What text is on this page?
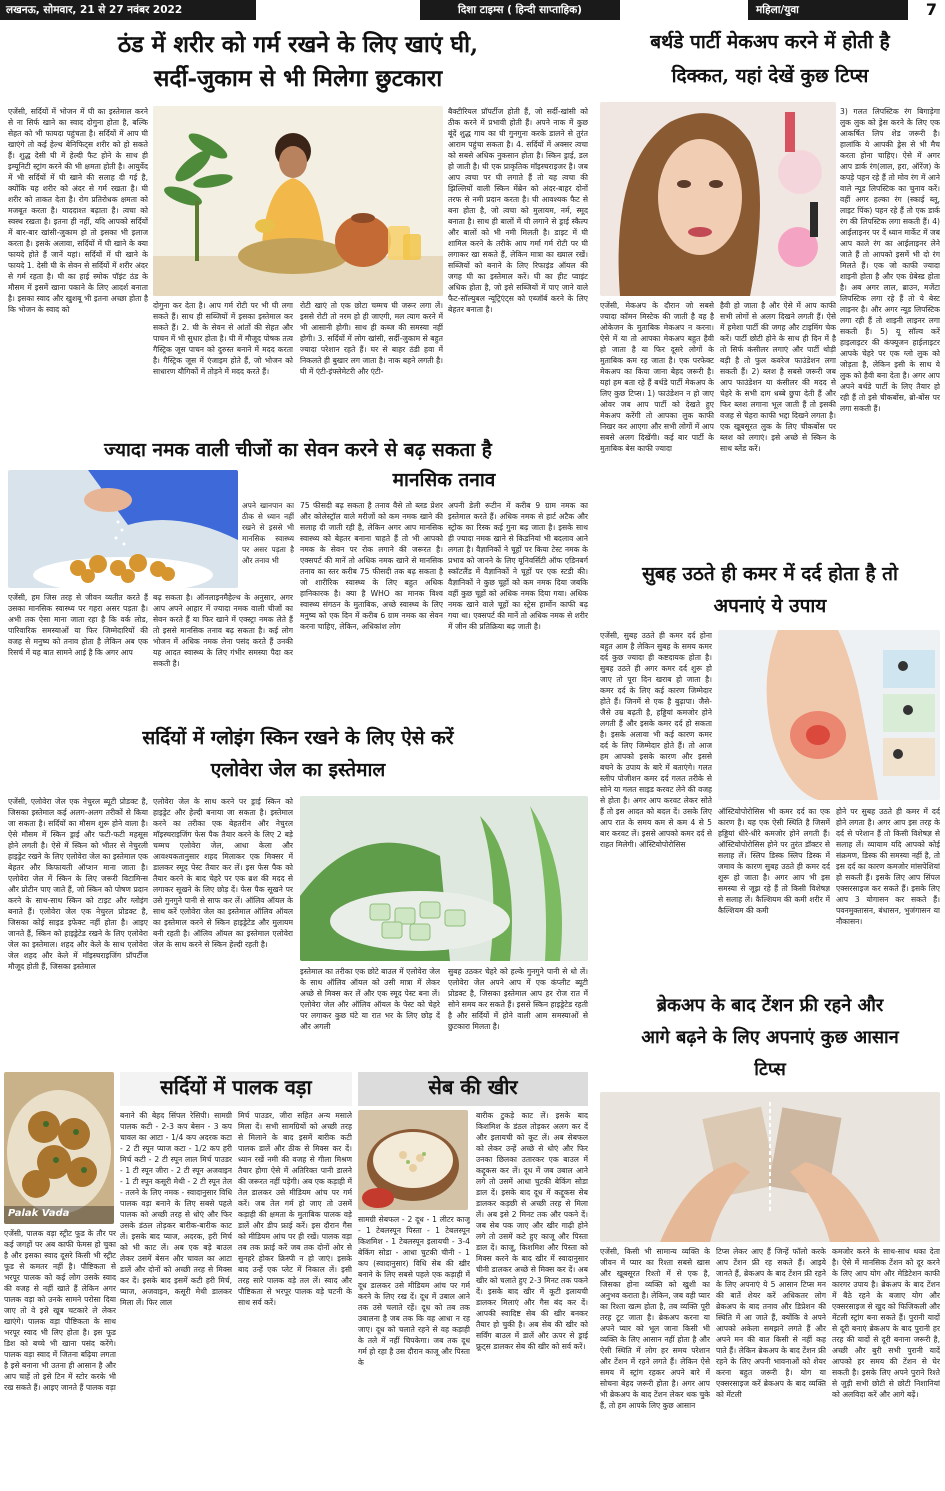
लखनऊ, सोमवार, 21 से 27 नवंबर 2022	दिशा टाइम्स ( हिन्दी साप्ताहिक)	महिला/युवा	7
ठंड में शरीर को गर्म रखने के लिए खाएं घी,
सर्दी-जुकाम से भी मिलेगा छुटकारा
एजेंसी, सर्दियों में भोजन में घी का इस्तेमाल करने से ना सिर्फ खाने का स्वाद दोगुना होता है, बल्कि सेहत को भी फायदा पहुंचता है। सर्दियों में आप घी खाएंगे तो कई हेल्थ बेनिफिट्स शरीर को हो सकते हैं। शुद्ध देसी घी में हेल्दी फैट होने के साथ ही इम्यूनिटी स्ट्रांग करने की भी क्षमता होती है। आयुर्वेद में भी सर्दियों में घी खाने की सलाह दी गई है, क्योंकि यह शरीर को अंदर से गर्म रखता है। घी शरीर को ताकत देता है। रोग प्रतिरोधक क्षमता को मजबूत करता है। याददाश्त बढ़ाता है। त्वचा को स्वस्थ रखता है। इतना ही नहीं, यदि आपको सर्दियों में बार-बार खांसी-जुकाम हो तो इसका भी इलाज करता है। इसके अलावा, सर्दियों में घी खाने के क्या फायदे होते हैं जानें यहां। सर्दियों में घी खाने के फायदे 1. देसी घी के सेवन से सर्दियों में शरीर अंदर से गर्म रहता है। घी का हाई स्मोक पॉइंट ठंड के मौसम में इसमें खाना पकाने के लिए आदर्श बनाता है। इसका स्वाद और खुशबू भी इतना अच्छा होता है कि भोजन के स्वाद को	दोगुना कर देता है। आप गर्म रोटी पर भी घी लगा सकते हैं। साथ ही सब्जियों में इसका इस्तेमाल कर सकते हैं। 2. घी के सेवन से आंतों की सेहत और पाचन में भी सुधार होता है। घी में मौजूद पोषक तत्व गैस्ट्रिक जूस पाचन को दुरुस्त बनाने में मदद करता है। गैस्ट्रिक जूस में एंजाइम होते हैं, जो भोजन को साधारण यौगिकों में तोड़ने में मदद करते हैं।
रोटी खाएं तो एक छोटा चम्मच घी जरूर लगा लें। इससे रोटी तो नरम हो ही जाएगी, मल त्याग करने में भी आसानी होगी। साथ ही कब्ज की समस्या नहीं होगी। 3. सर्दियों में लोग खांसी, सर्दी-जुकाम से बहुत ज्यादा परेशान रहते हैं। घर से बाहर ठंडी हवा में निकलते ही बुखार लग जाता है। नाक बहने लगती है। घी में एंटी-इंफ्लेमेटरी और एंटी-
बैक्टीरियल प्रॉपर्टीज होती हैं, जो सर्दी-खांसी को ठीक करने में प्रभावी होती हैं। अपने नाक में कुछ बूंदें शुद्ध गाय का घी गुनगुना करके डालने से तुरंत आराम पहुंचा सकता है। 4. सर्दियों में अक्सर त्वचा को सबसे अधिक नुकसान होता है। स्किन ड्राई, डल हो जाती है। घी एक प्राकृतिक मॉइस्चराइजर है। जब आप त्वचा पर घी लगाते हैं तो यह त्वचा की झिल्लियों वाली स्किन मेंब्रेन को अंदर-बाहर दोनों तरफ से नमी प्रदान करता है। घी आवश्यक फैट से बना होता है, जो त्वचा को मुलायम, नर्म, स्मूद बनाता है। साथ ही बालों में घी लगाने से ड्राई स्कैल्प और बालों को भी नमी मिलती है। डाइट में घी शामिल करने के तरीके आप गर्मा गर्म रोटी पर घी लगाकर खा सकते हैं, लेकिन मात्रा का ख्याल रखें। सब्जियों को बनाने के लिए रिफाइंड ऑयल की जगह घी का इस्तेमाल करें। घी का हीट प्वाइंट अधिक होता है, जो इसे सब्जियों में पाए जाने वाले फैट-सॉल्युबल न्यूट्रिएंट्स को एब्जॉर्ब करने के लिए बेहतर बनाता है।
ज्यादा नमक वाली चीजों का सेवन करने से बढ़ सकता है
मानसिक तनाव
अपने खानपान का ठीक से ध्यान नहीं रखने से इससे भी मानसिक स्वास्थ्य पर असर पड़ता है और तनाव भी
एजेंसी, हम जिस तरह से जीवन व्यतीत करते हैं उसका मानसिक स्वास्थ्य पर गहरा असर पड़ता है। अभी तक ऐसा माना जाता रहा है कि वर्क लोड, पारिवारिक समस्याओं या फिर जिम्मेदारियों की वजह से मनुष्य को तनाव होता है लेकिन अब एक रिसर्च में यह बात सामने आई है कि अगर आप
बढ़ सकता है। ऑनलाइनमैहेल्थ के अनुसार, अगर आप अपने आहार में ज्यादा नमक वाली चीजों का सेवन करते हैं या फिर खाने में एक्स्ट्रा नमक लेते हैं तो इससे मानसिक तनाव बढ़ सकता है। कई लोग भोजन में अधिक नमक लेना पसंद करते हैं उनकी यह आदत स्वास्थ्य के लिए गंभीर समस्या पैदा कर सकती है।
75 फीसदी बढ़ सकता है तनाव वैसे तो ब्लड प्रेशर और कोलेस्ट्रॉल वाले मरीजों को कम नमक खाने की सलाह दी जाती रही है, लेकिन अगर आप मानसिक स्वास्थ्य को बेहतर बनाना चाहते हैं तो भी आपको नमक के सेवन पर रोक लगाने की जरूरत है। एक्सपर्ट की मानें तो अधिक नमक खाने से मानसिक तनाव का स्तर करीब 75 फीसदी तक बढ़ सकता है जो शारीरिक स्वास्थ्य के लिए बहुत अधिक हानिकारक है। क्या है WHO का मानक विश्व स्वास्थ्य संगठन के मुताबिक, अच्छे स्वास्थ्य के लिए मनुष्य को एक दिन में करीब 6 ग्राम नमक का सेवन करना चाहिए, लेकिन, अधिकांश लोग
अपनी डेली रूटीन में करीब 9 ग्राम नमक का इस्तेमाल करते हैं। अधिक नमक से हार्ट अटैक और स्ट्रोक का रिस्क कई गुना बढ़ जाता है। इसके साथ ही ज्यादा नमक खाने से किडनियां भी बदलाव आने लगता है। वैज्ञानिकों ने चूहों पर किया टेस्ट नमक के प्रभाव को जानने के लिए यूनिवर्सिटी ऑफ एडिनबर्ग स्कॉटलैंड में वैज्ञानिकों ने चूहों पर एक स्टडी की। वैज्ञानिकों ने कुछ चूहों को कम नमक दिया जबकि वहीं कुछ चूहों को अधिक नमक दिया गया। अधिक नमक खाने वाले चूहों का स्ट्रेस हार्मोन काफी बढ़ गया था। एक्सपर्ट की मानें तो अधिक नमक से शरीर में जीन की प्रतिक्रिया बढ़ जाती है।
सर्दियों में ग्लोइंग स्किन रखने के लिए ऐसे करें
एलोवेरा जेल का इस्तेमाल
एजेंसी, एलोवेरा जेल एक नेचुरल ब्यूटी प्रोडक्ट है, जिसका इस्तेमाल कई अलग-अलग तरीकों से किया जा सकता है। सर्दियों का मौसम शुरू होने वाला है। ऐसे मौसम में स्किन ड्राई और फटी-फटी महसूस होने लगती है। ऐसे में स्किन को भीतर से नेचुरली हाइड्रेट रखने के लिए एलोवेरा जेल का इस्तेमाल एक बेहतर और किफायती ऑप्शन माना जाता है। एलोवेरा जेल में स्किन के लिए जरूरी विटामिन्स और प्रोटीन पाए जाते हैं, जो स्किन को पोषण प्रदान करने के साथ-साथ स्किन को टाइट और ग्लोइंग बनाते हैं। एलोवेरा जेल एक नेचुरल प्रोडक्ट है, जिसका कोई साइड इफेक्ट नहीं होता है। आइए जानते हैं, स्किन को हाइड्रेटेड रखने के लिए एलोवेरा जेल का इस्तेमाल। शहद और केले के साथ एलोवेरा जेल शहद और केले में मॉइस्चराइजिंग प्रॉपर्टीज मौजूद होती हैं, जिसका इस्तेमाल
एलोवेरा जेल के साथ करने पर ड्राई स्किन को हाइड्रेट और हेल्दी बनाया जा सकता है। इस्तेमाल करने का तरीका एक बेहतरीन और नेचुरल मॉइस्चराइजिंग फेस पैक तैयार करने के लिए 2 बड़े चम्मच एलोवेरा जेल, आधा केला और आवश्यकतानुसार शहद मिलाकर एक मिक्सर में डालकर स्मूद पेस्ट तैयार कर लें। इस फेस पैक को तैयार करने के बाद चेहरे पर एक ब्रश की मदद से लगाकर सूखने के लिए छोड़ दें। फेस पैक सूखने पर उसे गुनगुने पानी से साफ कर लें। ऑलिव ऑयल के साथ करें एलोवेरा जेल का इस्तेमाल ऑलिव ऑयल का इस्तेमाल करने से स्किन हाइड्रेटेड और मुलायम बनी रहती है। ऑलिव ऑयल का इस्तेमाल एलोवेरा जेल के साथ करने से स्किन हेल्दी रहती है।
इस्तेमाल का तरीका एक छोटे बाउल में एलोवेरा जेल के साथ ऑलिव ऑयल को उसी मात्रा में लेकर अच्छे से मिक्स कर लें और एक स्मूद पेस्ट बना लें। एलोवेरा जेल और ऑलिव ऑयल के पेस्ट को चेहरे पर लगाकर कुछ घंटे या रात भर के लिए छोड़ दें और अगली
सुबह उठकर चेहरे को हल्के गुनगुने पानी से धो लें। एलोवेरा जेल अपने आप में एक कंप्लीट ब्यूटी प्रोडक्ट है, जिसका इस्तेमाल आप हर रोज रात में सोने समय कर सकते हैं। इससे स्किन हाइड्रेटेड रहती है और सर्दियों में होने वाली आम समस्याओं से छुटकारा मिलता है।
Palak Vada
सर्दियों में पालक वड़ा
एजेंसी, पालक वड़ा स्ट्रीट फूड के तौर पर कई जगहों पर अब काफी फेमस हो चुका है और इसका स्वाद दूसरे किसी भी स्ट्रीट फूड से कमतर नहीं है। पौष्टिकता से भरपूर पालक को कई लोग उसके स्वाद की वजह से नहीं खाते हैं लेकिन अगर पालक वड़ा को उनके सामने परोसा दिया जाए तो वे इसे खूब चटकारे ले लेकर खाएंगे। पालक वड़ा पौष्टिकता के साथ भरपूर स्वाद भी लिए होता है। इस फूड डिश को बच्चे भी खाना पसंद करेंगे। पालक वड़ा स्वाद में जितना बढ़िया लगता है इसे बनाना भी उतना ही आसान है और आप चाहें तो इसे टिन में स्टोर करके भी रख सकते हैं। आइए जानते हैं पालक वड़ा
बनाने की बेहद सिंपल रेसिपी। सामग्री पालक कटी - 2-3 कप बेसन - 3 कप चावल का आटा - 1/4 कप अदरक कटा - 2 टी स्पून प्याज कटा - 1/2 कप हरी मिर्च कटी - 2 टी स्पून लाल मिर्च पाउडर - 1 टी स्पून जीरा - 2 टी स्पून अजवाइन - 1 टी स्पून कसूरी मेथी - 2 टी स्पून तेल - तलने के लिए नमक - स्वादानुसार विधि पालक वड़ा बनाने के लिए सबसे पहले पालक को अच्छी तरह से धोएं और फिर उसके डंठल तोड़कर बारीक-बारीक काट लें। इसके बाद प्याज, अदरक, हरी मिर्च को भी काट लें। अब एक बड़े बाउल लेकर उसमें बेसन और चावल का आटा डालें और दोनों को अच्छी तरह से मिक्स कर दें। इसके बाद इसमें कटी हरी मिर्च, प्याज, अजवाइन, कसूरी मेथी डालकर मिला लें। फिर लाल
मिर्च पाउडर, जीरा सहित अन्य मसाले मिला दें। सभी सामग्रियों को अच्छी तरह से मिलाने के बाद इसमें बारीक कटी पालक डालें और ठीक से मिक्स कर दें। ध्यान रखें नमी की वजह से गीला मिश्रण तैयार होगा ऐसे में अतिरिक्त पानी डालने की जरूरत नहीं पड़ेगी। अब एक कड़ाही में तेल डालकर उसे मीडियम आंच पर गर्म करें। जब तेल गर्म हो जाए तो उसमें कड़ाही की क्षमता के मुताबिक पालक वड़े डालें और डीप फ्राई करें। इस दौरान गैस को मीडियम आंच पर ही रखें। पालक वड़ा तब तक फ्राई करें जब तक दोनों ओर से सुनहरे होकर क्रिस्पी न हो जाएं। इसके बाद उन्हें एक प्लेट में निकाल लें। इसी तरह सारे पालक वड़े तल लें। स्वाद और पौष्टिकता से भरपूर पालक वड़े चटनी के साथ सर्व करें।
सेब की खीर
सामग्री सेबफल - 2 दूध - 1 लीटर काजू - 1 टेबलस्पून पिस्ता - 1 टेबलस्पून किशमिश - 1 टेबलस्पून इलायची - 3-4 बेकिंग सोडा - आधा चुटकी चीनी - 1 कप (स्वादानुसार) विधि सेब की खीर बनाने के लिए सबसे पहले एक कड़ाही में दूध डालकर उसे मीडियम आंच पर गर्म करने के लिए रख दें। दूध में उबाल आने तक उसे चलाते रहें। दूध को तब तक उबालना है जब तक कि वह आधा न रह जाए। दूध को चलाते रहने से वह कड़ाही के तले में नहीं चिपकेगा। जब तक दूध गर्म हो रहा है उस दौरान काजू और पिस्ता के
बारीक टुकड़े काट लें। इसके बाद किशमिश के डंठल तोड़कर अलग कर दें और इलायची को कूट लें। अब सेबफल को लेकर उन्हें अच्छे से धोएं और फिर उनका छिलका उतारकर एक बाउल में कद्दूकस कर लें। दूध में जब उबाल आने लगे तो उसमें आधा चुटकी बेकिंग सोडा डाल दें। इसके बाद दूध में कद्दूकस सेब डालकर कड़छी से अच्छी तरह से मिला लें। अब इसे 2 मिनट तक और पकने दें। जब सेब पक जाए और खीर गाढ़ी होने लगे तो उसमें कटे हुए काजू और पिस्ता डाल दें। काजू, किशमिश और पिस्ता को मिक्स करने के बाद खीर में स्वादानुसार चीनी डालकर अच्छे से मिक्स कर दें। अब खीर को चलाते हुए 2-3 मिनट तक पकने दें। इसके बाद खीर में कूटी इलायची डालकर मिलाएं और गैस बंद कर दें। आपकी स्वादिष्ट सेब की खीर बनकर तैयार हो चुकी है। अब सेब की खीर को सर्विंग बाउल में डालें और ऊपर से ड्राई फ्रूट्स डालकर सेब की खीर को सर्व करें।
बर्थडे पार्टी मेकअप करने में होती है
दिक्कत, यहां देखें कुछ टिप्स
3) गलत लिपस्टिक रंग बिगाड़ेगा लुक लुक को ड्रेस करने के लिए एक आकर्षित लिप शेड जरूरी है। हालांकि ये आपकी ड्रेस से भी मैच करता होना चाहिए। ऐसे में अगर आप डार्क रंग(लाल, हरा, ऑरेंज) के कपड़े पहन रहे हैं तो मोव रंग में आने वाले न्यूड लिपस्टिक का चुनाव करें। वहीं अगर हल्का रंग (स्काई ब्लू, लाइट पिंक) पहन रहे हैं तो एक डार्क रंग की लिपस्टिक लगा सकती हैं। 4) आईलाइनर पर दें ध्यान मार्केट में जब आप काले रंग का आईलाइनर लेने जाते हैं तो आपको इसमें भी दो रंग मिलते हैं। एक जो काफी ज्यादा शाइनी होता है और एक ग्रेबेस्ड होता है। अब अगर लाल, ब्राउन, मजेंटा लिपस्टिक लगा रहे हैं तो ये बेस्ट लाइनर है। और अगर न्यूड लिपस्टिक लगा रही हैं तो शाइनी लाइनर लगा सकती हैं। 5) यू सॉल्व करें हाइलाइटर की कंफ्यूजन हाईलाइटर आपके चेहरे पर एक ग्लो लुक को जोड़ता है, लेकिन इसी के साथ ये लुक को हैवी बना देता है। अगर आप अपने बर्थडे पार्टी के लिए तैयार हो रही हैं तो इसे चीकबोंस, ब्रो-बोंस पर लगा सकती हैं।
एजेंसी, मेकअप के दौरान जो सबसे ज्यादा कॉमन मिस्टेक की जाती है वह है ओकेजन के मुताबिक मेकअप न करना। ऐसे में या तो आपका मेकअप बहुत हैवी हो जाता है या फिर दूसरे लोगों के मुताबिक कम रह जाता है। एक परफेक्ट मेकअप का किया जाना बेहद जरूरी है। यहां हम बता रहे हैं बर्थडे पार्टी मेकअप के लिए कुछ टिप्स। 1) फाउंडेशन न हो जाए ओवर जब आप पार्टी को देखते हुए मेकअप करेंगी तो आपका लुक काफी निखर कर आएगा और सभी लोगों में आप सबसे अलग दिखेंगी। कई बार पार्टी के मुताबिक बेस काफी ज्यादा
हैवी हो जाता है और ऐसे में आप काफी सभी लोगों से अलग दिखने लगती हैं। ऐसे में हमेशा पार्टी की जगह और टाइमिंग चेक करें। पार्टी छोटी होने के साथ ही दिन में है तो सिर्फ कंसीलर लगाएं और पार्टी थोड़ी बड़ी है तो फुल कवरेज फाउंडेशन लगा सकती हैं। 2) ब्लश है सबसे जरूरी जब आप फाउंडेशन या कंसीलर की मदद से चेहरे के सभी दाग धब्बे छुपा देती हैं और फिर ब्लश लगाना भूल जाती हैं तो इसकी वजह से चेहरा काफी भद्दा दिखने लगता है। एक खूबसूरत लुक के लिए चीकबोंस पर ब्लश को लगाएं। इसे अच्छे से स्किन के साथ ब्लेंड करें।
सुबह उठते ही कमर में दर्द होता है तो
अपनाएं ये उपाय
एजेंसी, सुबह उठते ही कमर दर्द होना बहुत आम है लेकिन सुबह के समय कमर दर्द कुछ ज्यादा ही कष्टदायक होता है। सुबह उठते ही अगर कमर दर्द शुरू हो जाए तो पूरा दिन खराब हो जाता है। कमर दर्द के लिए कई कारण जिम्मेदार होते हैं। जिनमें से एक है बुढ़ापा। जैसे-जैसे उम्र बढ़ती है, हड्डियां कमजोर होने लगती हैं और इसके कमर दर्द हो सकता है। इसके अलावा भी कई कारण कमर दर्द के लिए जिम्मेदार होते हैं। तो आज हम आपको इसके कारण और इससे बचने के उपाय के बारे में बताएंगे। गलत स्लीप पोजीशन कमर दर्द गलत तरीके से सोने या गलत साइड करवट लेने की वजह से होता है। अगर आप करवट लेकर सोते हैं तो इस आदत को बदल दें। उसके लिए आप रात के समय कम से कम 4 से 5 बार करवट लें। इससे आपको कमर दर्द से राहत मिलेगी। ऑस्टियोपोरोसिस
ऑस्टियोपोरोसिस भी कमर दर्द का एक कारण है। यह एक ऐसी स्थिति है जिसमें हड्डियां धीरे-धीरे कमजोर होने लगती हैं। ऑस्टियोपोरोसिस होने पर तुरंत डॉक्टर से सलाह लें। स्लिप डिस्क स्लिप डिस्क में जमाव के कारण सुबह उठते ही कमर दर्द शुरू हो जाता है। अगर आप भी इस समस्या से जूझ रहे हैं तो किसी विशेषज्ञ से सलाह लें। कैल्शियम की कमी शरीर में कैल्शियम की कमी
होने पर सुबह उठते ही कमर में दर्द होने लगता है। अगर आप इस तरह के दर्द से परेशान हैं तो किसी विशेषज्ञ से सलाह लें। व्यायाम यदि आपको कोई संक्रमण, डिस्क की समस्या नहीं है, तो इस दर्द का कारण कमजोर मांसपेशियां हो सकती हैं। इसके लिए आप सिंपल एक्सरसाइज कर सकते हैं। इसके लिए आप 3 योगासन कर सकते हैं। पवनमुक्तासन, बंधासन, भुजंगासन या नौकासन।
ब्रेकअप के बाद टेंशन फ्री रहने और
आगे बढ़ने के लिए अपनाएं कुछ आसान
टिप्स
एजेंसी, किसी भी सामान्य व्यक्ति के जीवन में प्यार का रिश्ता सबसे खास और खूबसूरत रिश्तो में से एक है, जिसका होना व्यक्ति को खुशी का अनुभव कराता है। लेकिन, जब वही प्यार का रिश्ता खत्म होता है, तब व्यक्ति पूरी तरह टूट जाता है। ब्रेकअप करना या अपने प्यार को भूल जाना किसी भी व्यक्ति के लिए आसान नहीं होता है और ऐसी स्थिति में लोग हर समय परेशान और टेंशन में रहने लगते हैं। लेकिन ऐसे समय में स्ट्रांग रहकर अपने बारे में सोचना बेहद जरूरी होता है। अगर आप भी ब्रेकअप के बाद टेंशन लेकर थक चुके हैं, तो हम आपके लिए कुछ आसान
टिप्स लेकर आए हैं जिन्हें फॉलो करके आप टेंशन फ्री रह सकते हैं। आइये जानते हैं, ब्रेकअप के बाद टेंशन फ्री रहने के लिए अपनाएं ये 5 आसान टिप्स मन की बातें शेयर करें अधिकतर लोग ब्रेकअप के बाद तनाव और डिप्रेशन की स्थिति में आ जाते हैं, क्योंकि वे अपने आपको अकेला समझने लगते हैं और अपने मन की बात किसी से नहीं कह पाते हैं। लेकिन ब्रेकअप के बाद टेंशन फ्री रहने के लिए अपनी भावनाओं को शेयर करना बहुत जरूरी है। योग या एक्सरसाइज करें ब्रेकअप के बाद व्यक्ति को मेंटली
कमजोर करने के साथ-साथ थका देता है। ऐसे में मानसिक टेंशन को दूर करने के लिए आप योग और मेडिटेशन काफी कारगर उपाय है। ब्रेकअप के बाद टेंशन में बैठे रहने के बजाए योग और एक्सरसाइज से खुद को फिजिकली और मेंटली स्ट्रांग बना सकते हैं। पुरानी यादों से दूरी बनाएं ब्रेकअप के बाद पुरानी हर तरह की यादों से दूरी बनाना जरूरी है, अच्छी और बुरी सभी पुरानी यादें आपको हर समय की टेंशन से घेर सकती है। इसके लिए अपने पुराने रिश्ते से जुड़ी सभी छोटी से छोटी निशानियां को अलविदा करें और आगे बढ़ें।
